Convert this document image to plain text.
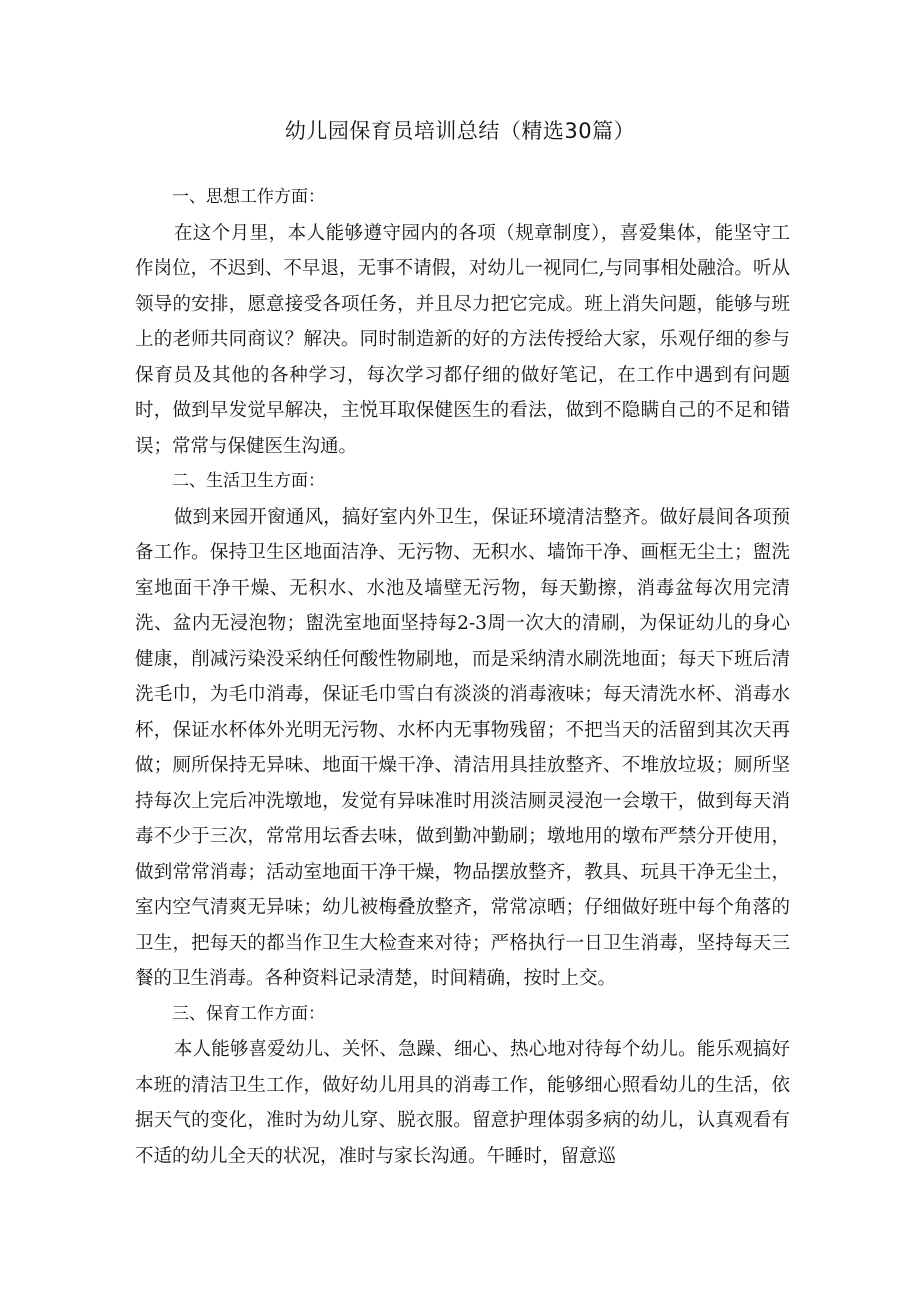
幼儿园保育员培训总结（精选30篇）

一、思想工作方面：

在这个月里，本人能够遵守园内的各项（规章制度），喜爱集体，能坚守工作岗位，不迟到、不早退，无事不请假，对幼儿一视同仁,与同事相处融洽。听从领导的安排，愿意接受各项任务，并且尽力把它完成。班上消失问题，能够与班上的老师共同商议？解决。同时制造新的好的方法传授给大家，乐观仔细的参与保育员及其他的各种学习，每次学习都仔细的做好笔记，在工作中遇到有问题时，做到早发觉早解决，主悦耳取保健医生的看法，做到不隐瞒自己的不足和错误；常常与保健医生沟通。

二、生活卫生方面：

做到来园开窗通风，搞好室内外卫生，保证环境清洁整齐。做好晨间各项预备工作。保持卫生区地面洁净、无污物、无积水、墙饰干净、画框无尘土；盥洗室地面干净干燥、无积水、水池及墙壁无污物，每天勤擦，消毒盆每次用完清洗、盆内无浸泡物；盥洗室地面坚持每2-3周一次大的清刷，为保证幼儿的身心健康，削减污染没采纳任何酸性物刷地，而是采纳清水刷洗地面；每天下班后清洗毛巾，为毛巾消毒，保证毛巾雪白有淡淡的消毒液味；每天清洗水杯、消毒水杯，保证水杯体外光明无污物、水杯内无事物残留；不把当天的活留到其次天再做；厕所保持无异味、地面干燥干净、清洁用具挂放整齐、不堆放垃圾；厕所坚持每次上完后冲洗墩地，发觉有异味准时用淡洁厕灵浸泡一会墩干，做到每天消毒不少于三次，常常用坛香去味，做到勤冲勤刷；墩地用的墩布严禁分开使用，做到常常消毒；活动室地面干净干燥，物品摆放整齐，教具、玩具干净无尘土，室内空气清爽无异味；幼儿被梅叠放整齐，常常凉晒；仔细做好班中每个角落的卫生，把每天的都当作卫生大检查来对待；严格执行一日卫生消毒，坚持每天三餐的卫生消毒。各种资料记录清楚，时间精确，按时上交。

三、保育工作方面：

本人能够喜爱幼儿、关怀、急躁、细心、热心地对待每个幼儿。能乐观搞好本班的清洁卫生工作，做好幼儿用具的消毒工作，能够细心照看幼儿的生活，依据天气的变化，准时为幼儿穿、脱衣服。留意护理体弱多病的幼儿，认真观看有不适的幼儿全天的状况，准时与家长沟通。午睡时，留意巡
